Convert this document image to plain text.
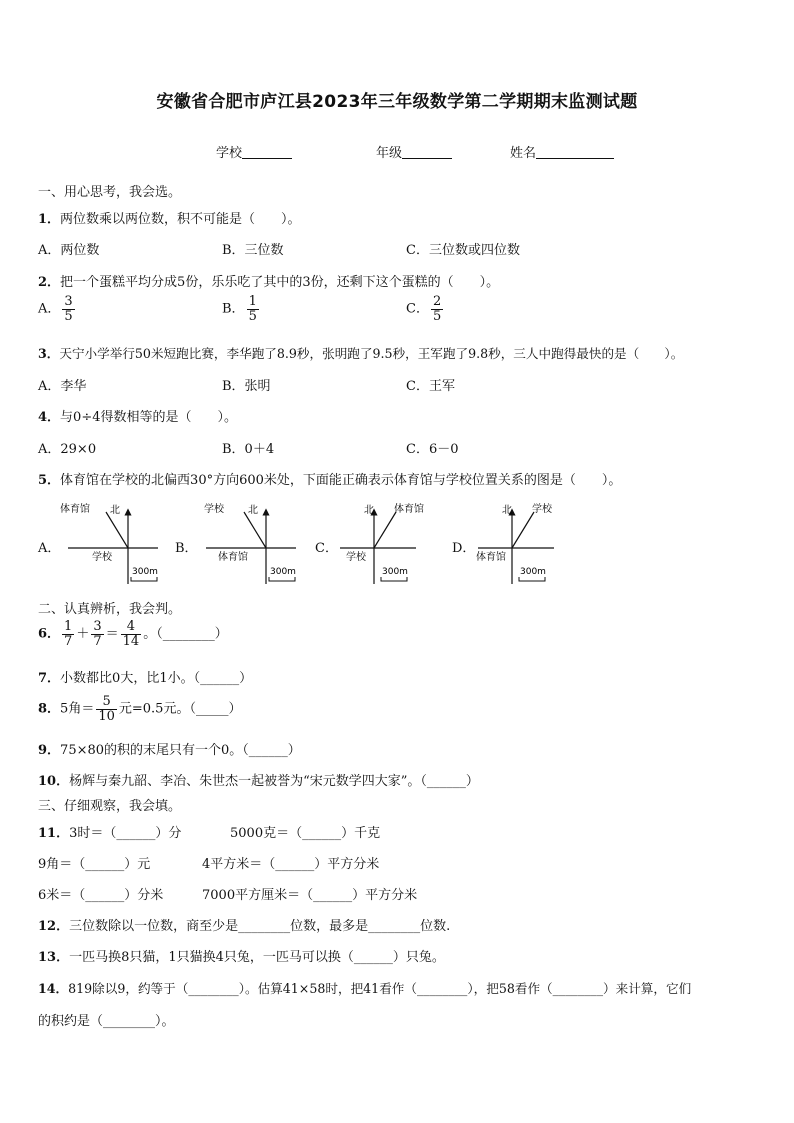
安徽省合肥市庐江县2023年三年级数学第二学期期末监测试题
学校	年级	姓名
一、用心思考，我会选。
1．两位数乘以两位数，积不可能是（　　）。
A．两位数	B．三位数	C．三位数或四位数
2．把一个蛋糕平均分成5份，乐乐吃了其中的3份，还剩下这个蛋糕的（　　）。
A． $\frac{3}{5}$	B． $\frac{1}{5}$	C． $\frac{2}{5}$
3．天宁小学举行50米短跑比赛，李华跑了8.9秒，张明跑了9.5秒，王军跑了9.8秒，三人中跑得最快的是（　　）。
A．李华	B．张明	C．王军
4．与0÷4得数相等的是（　　）。
A．29×0	B．0＋4	C．6－0
5．体育馆在学校的北偏西30°方向600米处，下面能正确表示体育馆与学校位置关系的图是（　　）。
A．	B．	C．	D．
北
体育馆
学校
300m
北
学校
体育馆
300m
北 体育馆
学校
300m
北 学校
体育馆
300m
二、认真辨析，我会判。
6． $\frac{1}{7} + \frac{3}{7} = \frac{4}{14}$ 。（________）
7．小数都比0大，比1小。（______）
8．5角＝ $\frac{5}{10}$ 元=0.5元。（_____）
9．75×80的积的末尾只有一个0。（______）
10．杨辉与秦九韶、李冶、朱世杰一起被誉为“宋元数学四大家”。（______）
三、仔细观察，我会填。
11．3时＝（______）分	5000克＝（______）千克
9角＝（______）元	4平方米＝（______）平方分米
6米＝（______）分米	7000平方厘米＝（______）平方分米
12．三位数除以一位数，商至少是________位数，最多是________位数.
13．一匹马换8只猫，1只猫换4只兔，一匹马可以换（______）只兔。
14．819除以9，约等于（________）。估算41×58时，把41看作（________），把58看作（________）来计算，它们
的积约是（________）。
